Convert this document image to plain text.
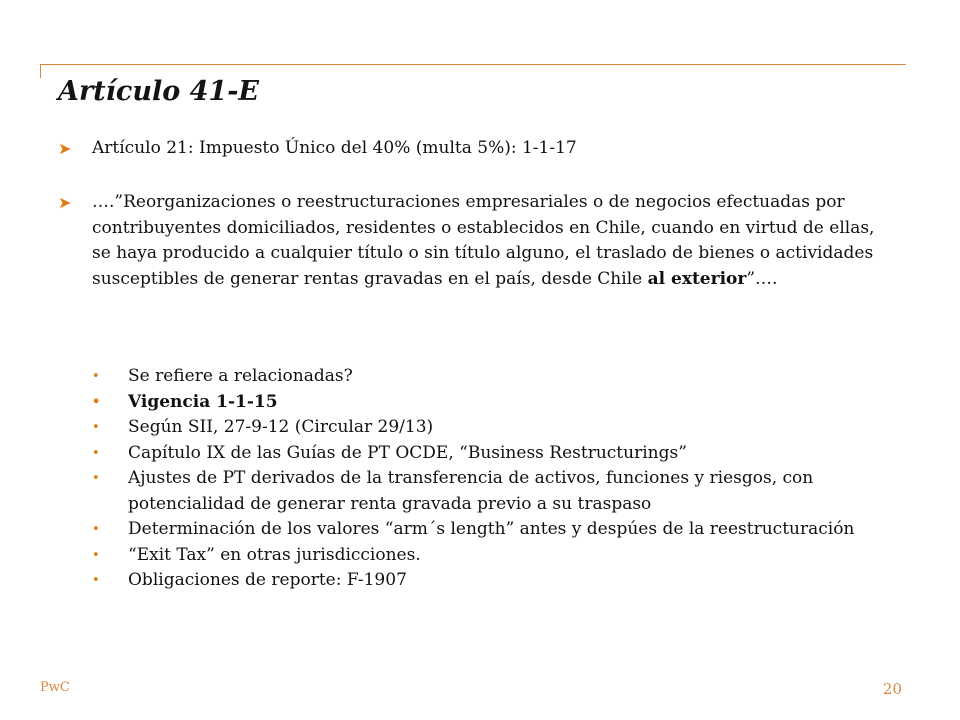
Artículo 41-E
➤	Artículo 21: Impuesto Único del 40% (multa 5%): 1-1-17
➤	….”Reorganizaciones o reestructuraciones empresariales o de negocios efectuadas por contribuyentes domiciliados, residentes o establecidos en Chile, cuando en virtud de ellas, se haya producido a cualquier título o sin título alguno, el traslado de bienes o actividades susceptibles de generar rentas gravadas en el país, desde Chile al exterior”….
• Se refiere a relacionadas?
• Vigencia 1-1-15
• Según SII, 27-9-12 (Circular 29/13)
• Capítulo IX de las Guías de PT OCDE, “Business Restructurings”
• Ajustes de PT derivados de la transferencia de activos, funciones y riesgos, con potencialidad de generar renta gravada previo a su traspaso
• Determinación de los valores “arm´s length” antes y despúes de la reestructuración
• “Exit Tax” en otras jurisdicciones.
• Obligaciones de reporte: F-1907
PwC	20
